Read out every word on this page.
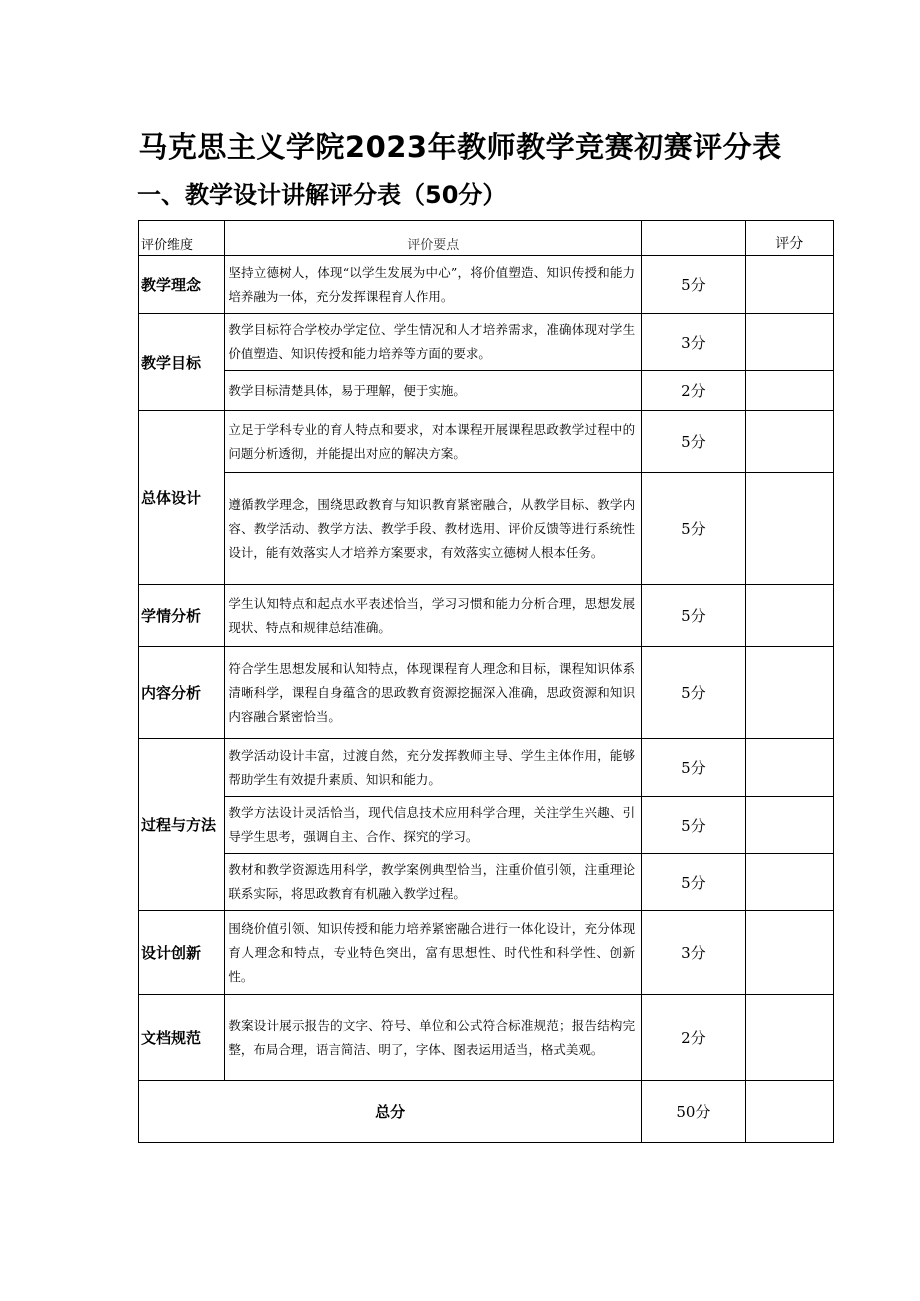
马克思主义学院2023年教师教学竞赛初赛评分表
一、教学设计讲解评分表（50分）
评价维度	评价要点		评分
教学理念	坚持立德树人，体现“以学生发展为中心”，将价值塑造、知识传授和能力培养融为一体，充分发挥课程育人作用。	5分	
教学目标	教学目标符合学校办学定位、学生情况和人才培养需求，准确体现对学生价值塑造、知识传授和能力培养等方面的要求。	3分	
	教学目标清楚具体，易于理解，便于实施。	2分	
总体设计	立足于学科专业的育人特点和要求，对本课程开展课程思政教学过程中的问题分析透彻，并能提出对应的解决方案。	5分	
	遵循教学理念，围绕思政教育与知识教育紧密融合，从教学目标、教学内容、教学活动、教学方法、教学手段、教材选用、评价反馈等进行系统性设计，能有效落实人才培养方案要求，有效落实立德树人根本任务。	5分	
学情分析	学生认知特点和起点水平表述恰当，学习习惯和能力分析合理，思想发展现状、特点和规律总结准确。	5分	
内容分析	符合学生思想发展和认知特点，体现课程育人理念和目标，课程知识体系清晰科学，课程自身蕴含的思政教育资源挖掘深入准确，思政资源和知识内容融合紧密恰当。	5分	
过程与方法	教学活动设计丰富，过渡自然，充分发挥教师主导、学生主体作用，能够帮助学生有效提升素质、知识和能力。	5分	
	教学方法设计灵活恰当，现代信息技术应用科学合理，关注学生兴趣、引导学生思考，强调自主、合作、探究的学习。	5分	
	教材和教学资源选用科学，教学案例典型恰当，注重价值引领，注重理论联系实际，将思政教育有机融入教学过程。	5分	
设计创新	围绕价值引领、知识传授和能力培养紧密融合进行一体化设计，充分体现育人理念和特点，专业特色突出，富有思想性、时代性和科学性、创新性。	3分	
文档规范	教案设计展示报告的文字、符号、单位和公式符合标准规范；报告结构完整，布局合理，语言简洁、明了，字体、图表运用适当，格式美观。	2分	
总分		50分	
